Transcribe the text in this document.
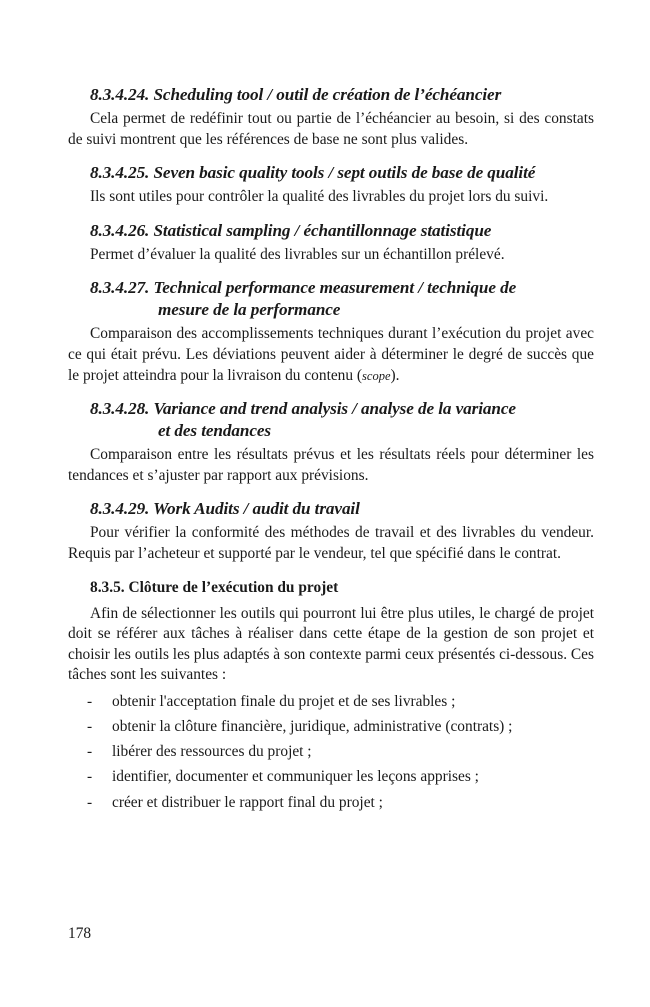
8.3.4.24. Scheduling tool / outil de création de l’échéancier

Cela permet de redéfinir tout ou partie de l’échéancier au besoin, si des constats de suivi montrent que les références de base ne sont plus valides.

8.3.4.25. Seven basic quality tools / sept outils de base de qualité

Ils sont utiles pour contrôler la qualité des livrables du projet lors du suivi.

8.3.4.26. Statistical sampling / échantillonnage statistique

Permet d’évaluer la qualité des livrables sur un échantillon prélevé.

8.3.4.27. Technical performance measurement / technique de
mesure de la performance

Comparaison des accomplissements techniques durant l’exécution du projet avec ce qui était prévu. Les déviations peuvent aider à déterminer le degré de succès que le projet atteindra pour la livraison du contenu (scope).

8.3.4.28. Variance and trend analysis / analyse de la variance
et des tendances

Comparaison entre les résultats prévus et les résultats réels pour déterminer les tendances et s’ajuster par rapport aux prévisions.

8.3.4.29. Work Audits / audit du travail

Pour vérifier la conformité des méthodes de travail et des livrables du vendeur. Requis par l’acheteur et supporté par le vendeur, tel que spécifié dans le contrat.

8.3.5. Clôture de l’exécution du projet

Afin de sélectionner les outils qui pourront lui être plus utiles, le chargé de projet doit se référer aux tâches à réaliser dans cette étape de la gestion de son projet et choisir les outils les plus adaptés à son contexte parmi ceux présentés ci-dessous. Ces tâches sont les suivantes :

- obtenir l'acceptation finale du projet et de ses livrables ;
- obtenir la clôture financière, juridique, administrative (contrats) ;
- libérer des ressources du projet ;
- identifier, documenter et communiquer les leçons apprises ;
- créer et distribuer le rapport final du projet ;
178
